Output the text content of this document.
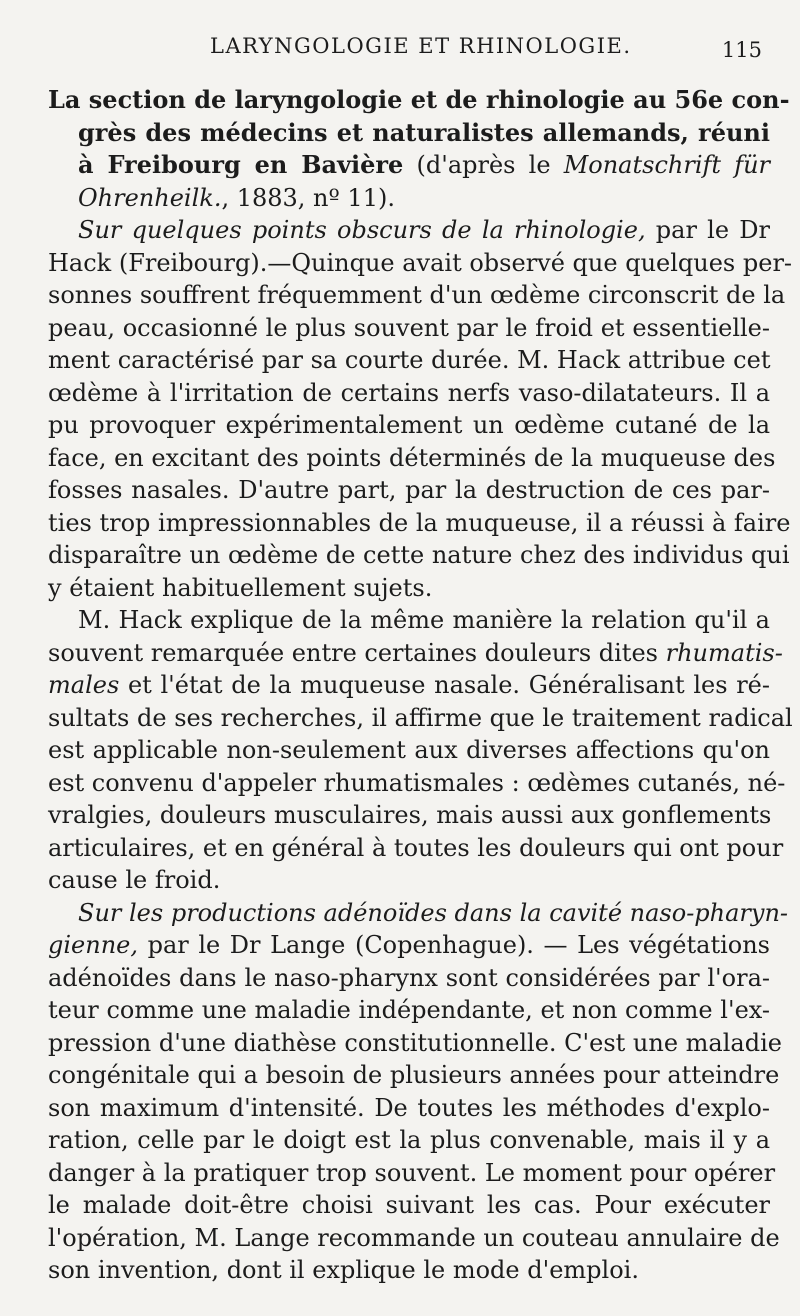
LARYNGOLOGIE ET RHINOLOGIE.	115
La section de laryngologie et de rhinologie au 56e con-
grès des médecins et naturalistes allemands, réuni
à Freibourg en Bavière (d'après le Monatschrift für
Ohrenheilk., 1883, nº 11).
Sur quelques points obscurs de la rhinologie, par le Dr
Hack (Freibourg).—Quinque avait observé que quelques per-
sonnes souffrent fréquemment d'un œdème circonscrit de la
peau, occasionné le plus souvent par le froid et essentielle-
ment caractérisé par sa courte durée. M. Hack attribue cet
œdème à l'irritation de certains nerfs vaso-dilatateurs. Il a
pu provoquer expérimentalement un œdème cutané de la
face, en excitant des points déterminés de la muqueuse des
fosses nasales. D'autre part, par la destruction de ces par-
ties trop impressionnables de la muqueuse, il a réussi à faire
disparaître un œdème de cette nature chez des individus qui
y étaient habituellement sujets.
M. Hack explique de la même manière la relation qu'il a
souvent remarquée entre certaines douleurs dites rhumatis-
males et l'état de la muqueuse nasale. Généralisant les ré-
sultats de ses recherches, il affirme que le traitement radical
est applicable non-seulement aux diverses affections qu'on
est convenu d'appeler rhumatismales : œdèmes cutanés, né-
vralgies, douleurs musculaires, mais aussi aux gonflements
articulaires, et en général à toutes les douleurs qui ont pour
cause le froid.
Sur les productions adénoïdes dans la cavité naso-pharyn-
gienne, par le Dr Lange (Copenhague). — Les végétations
adénoïdes dans le naso-pharynx sont considérées par l'ora-
teur comme une maladie indépendante, et non comme l'ex-
pression d'une diathèse constitutionnelle. C'est une maladie
congénitale qui a besoin de plusieurs années pour atteindre
son maximum d'intensité. De toutes les méthodes d'explo-
ration, celle par le doigt est la plus convenable, mais il y a
danger à la pratiquer trop souvent. Le moment pour opérer
le malade doit-être choisi suivant les cas. Pour exécuter
l'opération, M. Lange recommande un couteau annulaire de
son invention, dont il explique le mode d'emploi.
